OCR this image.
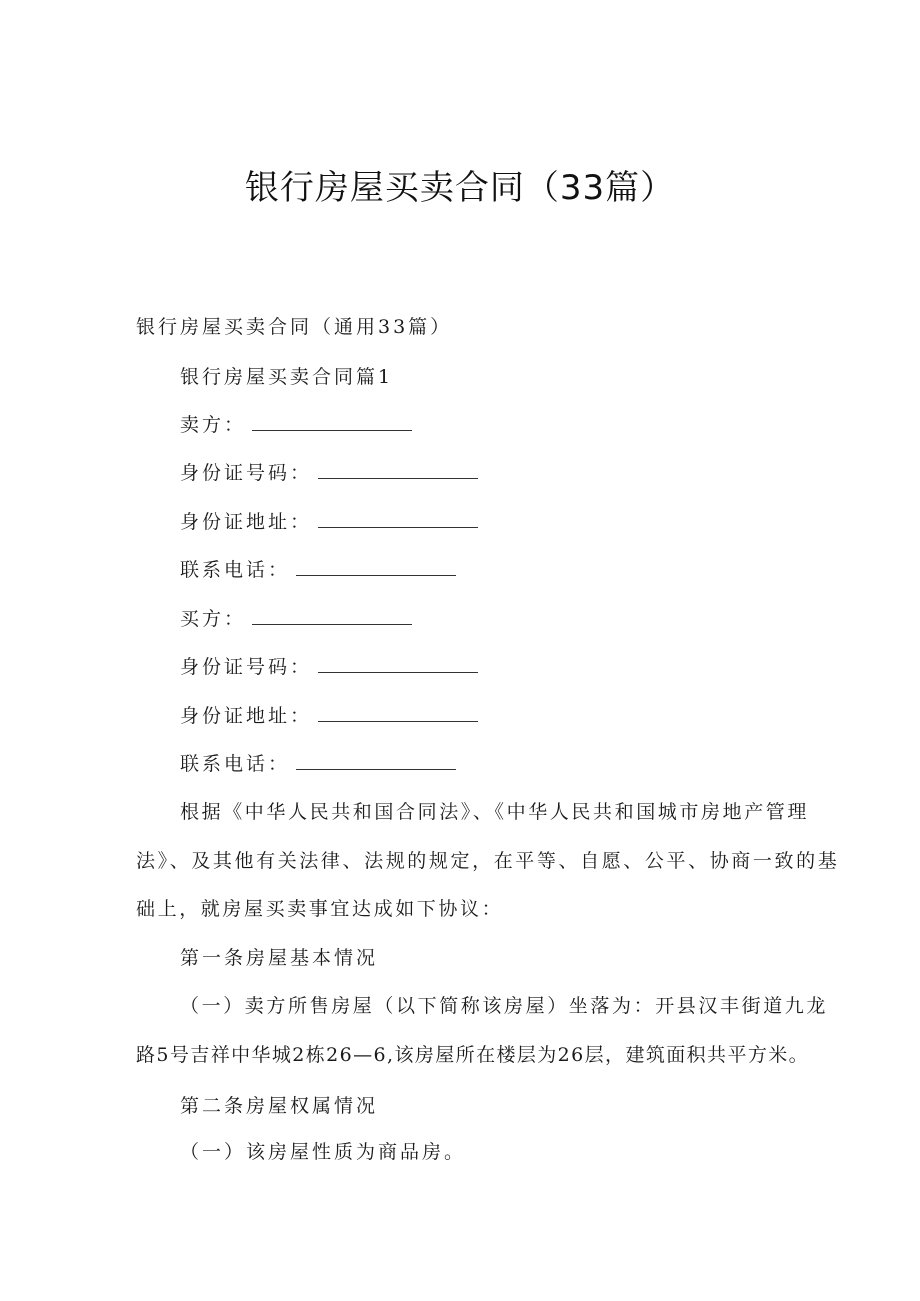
银行房屋买卖合同（33篇）
银行房屋买卖合同（通用33篇）
银行房屋买卖合同篇1
卖方：
身份证号码：
身份证地址：
联系电话：
买方：
身份证号码：
身份证地址：
联系电话：
根据《中华人民共和国合同法》、《中华人民共和国城市房地产管理
法》、及其他有关法律、法规的规定，在平等、自愿、公平、协商一致的基
础上，就房屋买卖事宜达成如下协议：
第一条房屋基本情况
（一）卖方所售房屋（以下简称该房屋）坐落为：开县汉丰街道九龙
路5号吉祥中华城2栋26—6,该房屋所在楼层为26层，建筑面积共平方米。
第二条房屋权属情况
（一）该房屋性质为商品房。
